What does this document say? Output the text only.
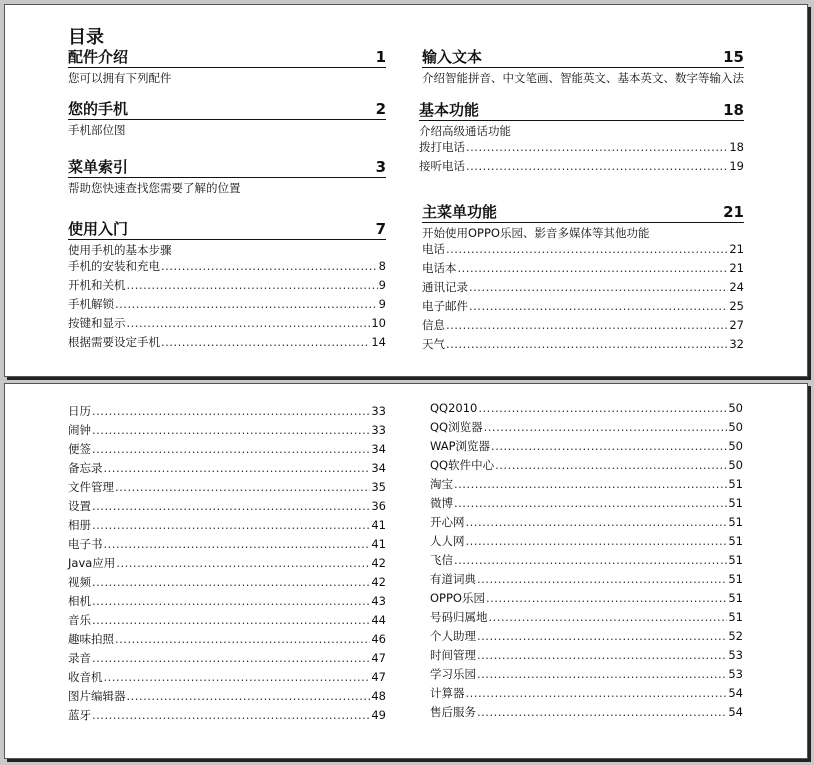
目录
配件介绍	1
您可以拥有下列配件
您的手机	2
手机部位图
菜单索引	3
帮助您快速查找您需要了解的位置
使用入门	7
使用手机的基本步骤
手机的安装和充电 .....	8
开机和关机 .....	9
手机解锁 .....	9
按键和显示 .....	10
根据需要设定手机 .....	14
输入文本	15
介绍智能拼音、中文笔画、智能英文、基本英文、数字等输入法
基本功能	18
介绍高级通话功能
拨打电话 .....	18
接听电话 .....	19
主菜单功能	21
开始使用OPPO乐园、影音多媒体等其他功能
电话 .....	21
电话本 .....	21
通讯记录 .....	24
电子邮件 .....	25
信息 .....	27
天气 .....	32
日历 .....	33
闹钟 .....	33
便签 .....	34
备忘录 .....	34
文件管理 .....	35
设置 .....	36
相册 .....	41
电子书 .....	41
Java应用 .....	42
视频 .....	42
相机 .....	43
音乐 .....	44
趣味拍照 .....	46
录音 .....	47
收音机 .....	47
图片编辑器 .....	48
蓝牙 .....	49
QQ2010 .....	50
QQ浏览器 .....	50
WAP浏览器 .....	50
QQ软件中心 .....	50
淘宝 .....	51
微博 .....	51
开心网 .....	51
人人网 .....	51
飞信 .....	51
有道词典 .....	51
OPPO乐园 .....	51
号码归属地 .....	51
个人助理 .....	52
时间管理 .....	53
学习乐园 .....	53
计算器 .....	54
售后服务 .....	54
